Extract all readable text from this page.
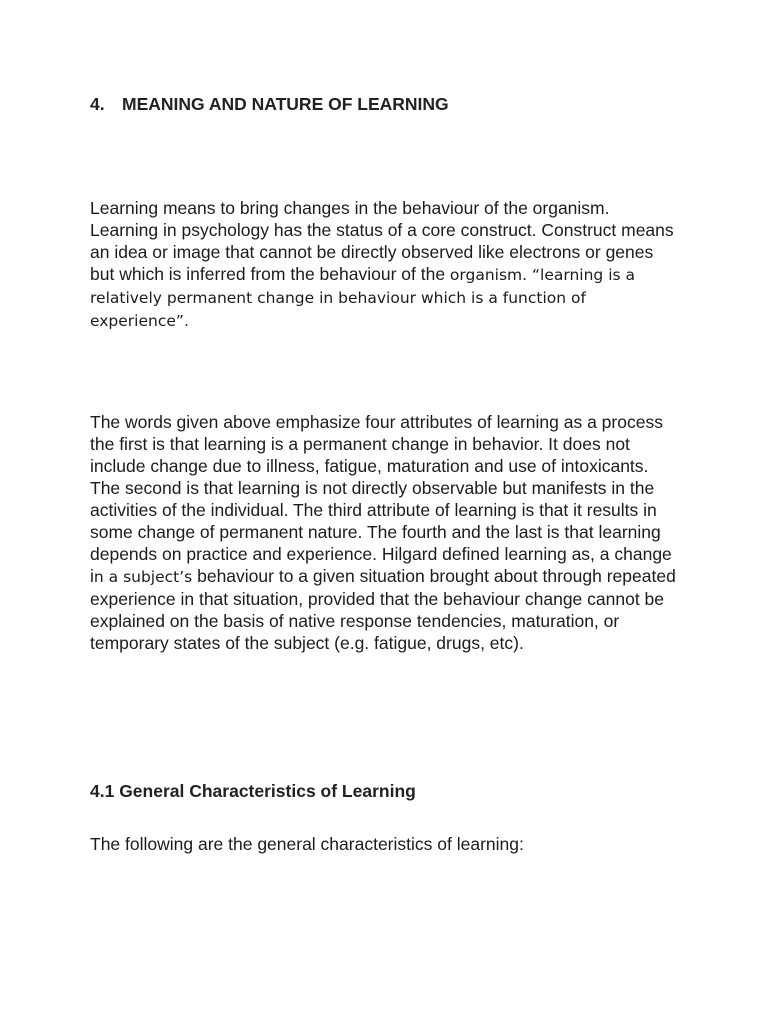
4. MEANING AND NATURE OF LEARNING

Learning means to bring changes in the behaviour of the organism. Learning in psychology has the status of a core construct. Construct means an idea or image that cannot be directly observed like electrons or genes but which is inferred from the behaviour of the organism. “learning is a relatively permanent change in behaviour which is a function of experience”.

The words given above emphasize four attributes of learning as a process the first is that learning is a permanent change in behavior. It does not include change due to illness, fatigue, maturation and use of intoxicants. The second is that learning is not directly observable but manifests in the activities of the individual. The third attribute of learning is that it results in some change of permanent nature. The fourth and the last is that learning depends on practice and experience. Hilgard defined learning as, a change in a subject’s behaviour to a given situation brought about through repeated experience in that situation, provided that the behaviour change cannot be explained on the basis of native response tendencies, maturation, or temporary states of the subject (e.g. fatigue, drugs, etc).

4.1 General Characteristics of Learning

The following are the general characteristics of learning:
